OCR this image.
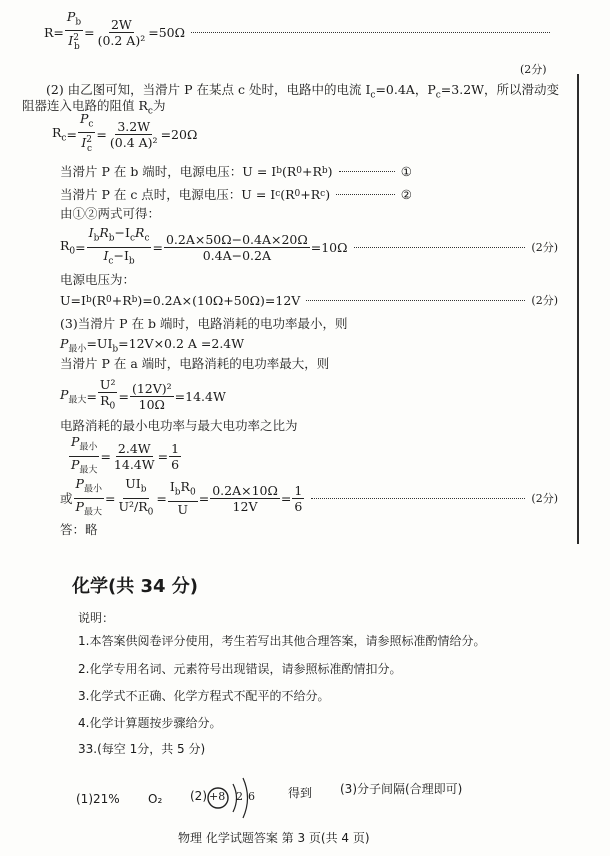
$R= \frac{P_b}{I^2_b} = \frac{2W}{\text{(0.2 A)²}} =50\Omega$
(2分)
(2) 由乙图可知，当滑片 P 在某点 c 处时，电路中的电流 $I_c=0.4A$，$P_c=3.2W$，所以滑动变
阻器连入电路的阻值 $R_c$为
$R_c = \frac{P_c}{I^2_c} = \frac{3.2W}{\text{(0.4 A)²}} =20\Omega$
当滑片 P 在 b 端时，电源电压：U = I b (R 0 +R b )	①
当滑片 P 在 c 点时，电源电压：U = I c (R 0 +R c )	②
由①②两式可得：
$R_0 = \frac{I_bR_b-I_cR_c}{I_c-I_b} = \frac{0.2A\times 50\Omega-0.4A\times 20\Omega}{0.4A-0.2A} =10\Omega$	(2分)
电源电压为：
U=I b (R 0 +R b )=0.2A×(10Ω+50Ω)=12V	(2分)
(3)当滑片 P 在 b 端时，电路消耗的电功率最小，则
$P_{最小}=UI_b=12V\times 0.2$ A =2.4W
当滑片 P 在 a 端时，电路消耗的电功率最大，则
$P_{最大} = \frac{\text{U²}}{R_0} = \frac{\text{(12V)²}}{10\Omega} =14.4W$
电路消耗的最小电功率与最大电功率之比为
$\frac{P_{最小}}{P_{最大}} = \frac{2.4W}{14.4W} = \frac{1}{6}$
或 $\frac{P_{最小}}{P_{最大}} = \frac{UI_b}{U^2/R_0} = \frac{I_bR_0}{U} = \frac{0.2A\times 10\Omega}{12V} = \frac{1}{6}$	(2分)
答：略
化学(共 34 分)
说明：
1.本答案供阅卷评分使用，考生若写出其他合理答案，请参照标准酌情给分。
2.化学专用名词、元素符号出现错误，请参照标准酌情扣分。
3.化学式不正确、化学方程式不配平的不给分。
4.化学计算题按步骤给分。
33.(每空 1分，共 5 分)
(1)21% O₂ (2) +8 2 6	得到 (3)分子间隔(合理即可)
物理 化学试题答案 第 3 页(共 4 页)
